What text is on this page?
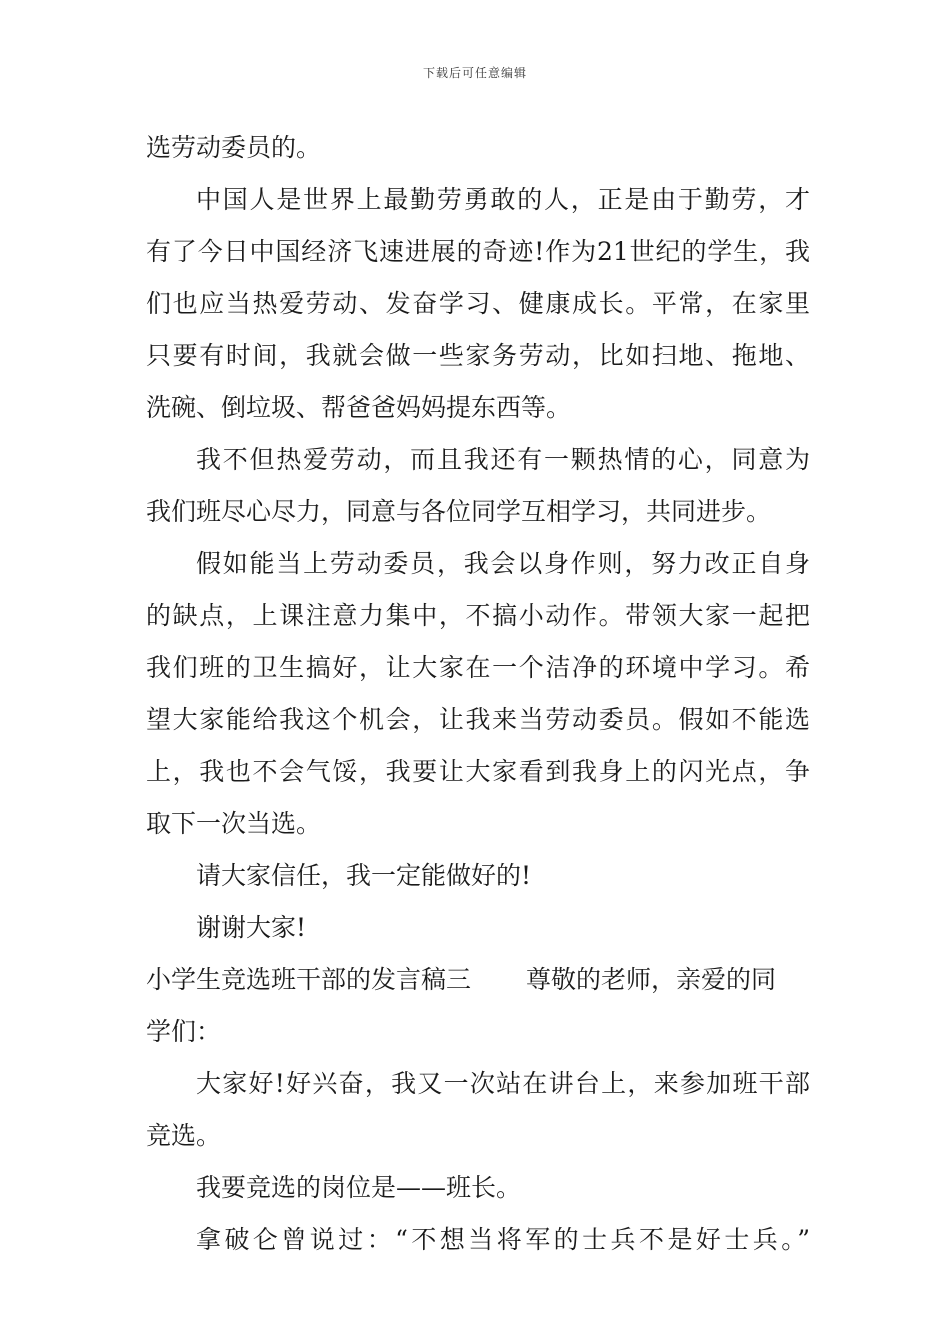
下载后可任意编辑
选劳动委员的。
中国人是世界上最勤劳勇敢的人，正是由于勤劳，才
有了今日中国经济飞速进展的奇迹!作为21世纪的学生，我
们也应当热爱劳动、发奋学习、健康成长。平常，在家里
只要有时间，我就会做一些家务劳动，比如扫地、拖地、
洗碗、倒垃圾、帮爸爸妈妈提东西等。
我不但热爱劳动，而且我还有一颗热情的心，同意为
我们班尽心尽力，同意与各位同学互相学习，共同进步。
假如能当上劳动委员，我会以身作则，努力改正自身
的缺点，上课注意力集中，不搞小动作。带领大家一起把
我们班的卫生搞好，让大家在一个洁净的环境中学习。希
望大家能给我这个机会，让我来当劳动委员。假如不能选
上，我也不会气馁，我要让大家看到我身上的闪光点，争
取下一次当选。
请大家信任，我一定能做好的!
谢谢大家!
小学生竞选班干部的发言稿三 尊敬的老师，亲爱的同
学们：
大家好!好兴奋，我又一次站在讲台上，来参加班干部
竞选。
我要竞选的岗位是——班长。
拿破仑曾说过：“不想当将军的士兵不是好士兵。”
